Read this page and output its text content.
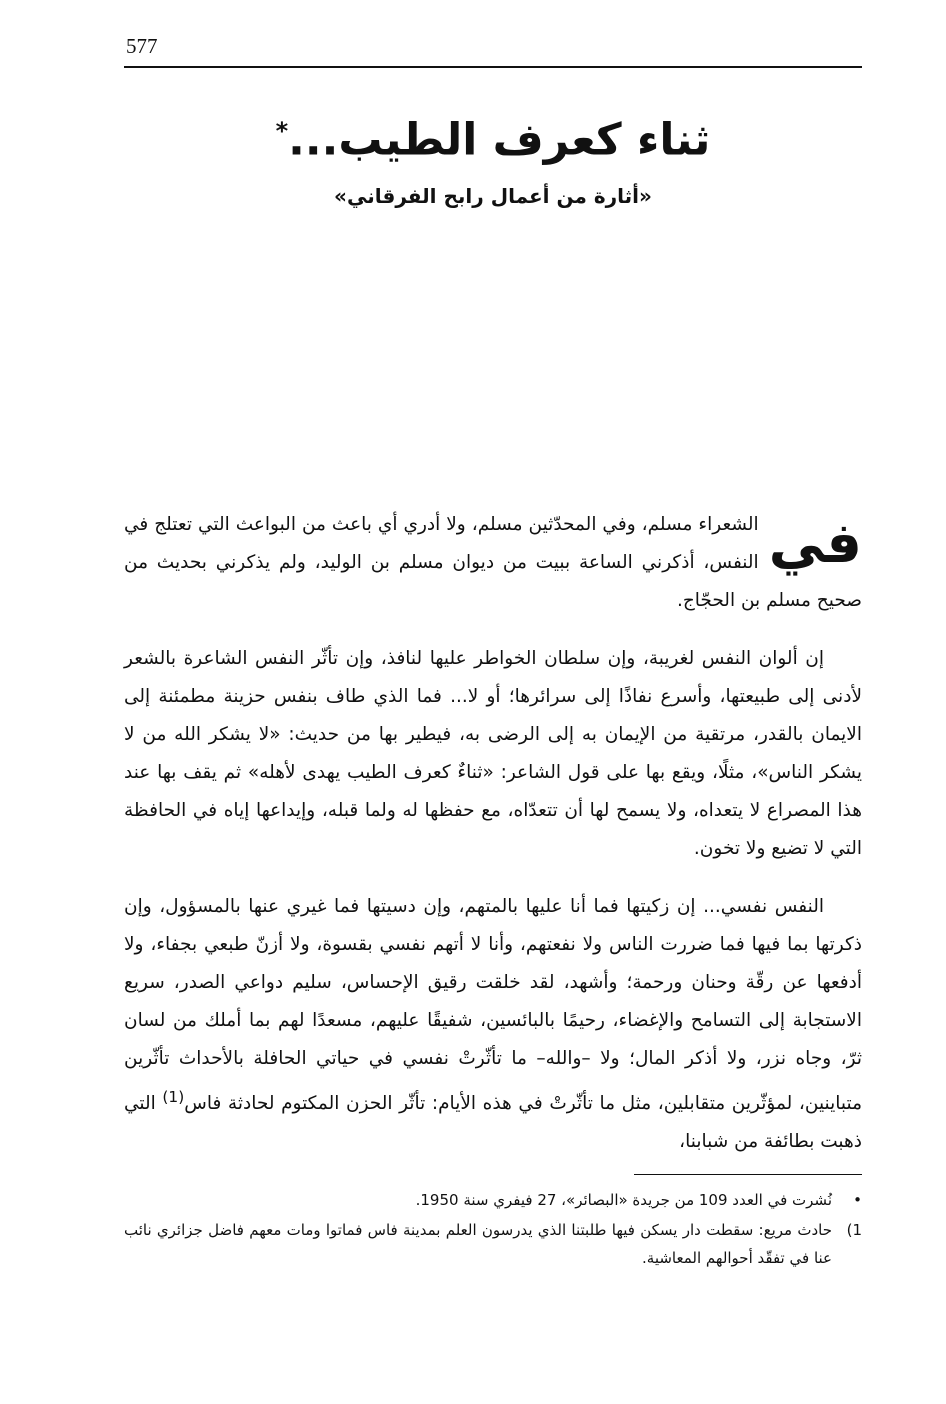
577
ثناء كعرف الطيب...*
«أثارة من أعمال رابح الفرقاني»

في
الشعراء مسلم، وفي المحدّثين مسلم، ولا أدري أي باعث من البواعث التي تعتلج في النفس، أذكرني الساعة ببيت من ديوان مسلم بن الوليد، ولم يذكرني بحديث من صحيح مسلم بن الحجّاج.

إن ألوان النفس لغريبة، وإن سلطان الخواطر عليها لنافذ، وإن تأثّر النفس الشاعرة بالشعر لأدنى إلى طبيعتها، وأسرع نفاذًا إلى سرائرها؛ أو لا... فما الذي طاف بنفس حزينة مطمئنة إلى الايمان بالقدر، مرتقية من الإيمان به إلى الرضى به، فيطير بها من حديث: «لا يشكر الله من لا يشكر الناس»، مثلًا، ويقع بها على قول الشاعر: «ثناءٌ كعرف الطيب يهدى لأهله» ثم يقف بها عند هذا المصراع لا يتعداه، ولا يسمح لها أن تتعدّاه، مع حفظها له ولما قبله، وإيداعها إياه في الحافظة التي لا تضيع ولا تخون.

النفس نفسي... إن زكيتها فما أنا عليها بالمتهم، وإن دسيتها فما غيري عنها بالمسؤول، وإن ذكرتها بما فيها فما ضررت الناس ولا نفعتهم، وأنا لا أتهم نفسي بقسوة، ولا أزنّ طبعي بجفاء، ولا أدفعها عن رقّة وحنان ورحمة؛ وأشهد، لقد خلقت رقيق الإحساس، سليم دواعي الصدر، سريع الاستجابة إلى التسامح والإغضاء، رحيمًا بالبائسين، شفيقًا عليهم، مسعدًا لهم بما أملك من لسان ثرّ، وجاه نزر، ولا أذكر المال؛ ولا –والله– ما تأثّرتْ نفسي في حياتي الحافلة بالأحداث تأثّرين متباينين، لمؤثّرين متقابلين، مثل ما تأثّرتْ في هذه الأيام: تأثّر الحزن المكتوم لحادثة فاس$^{(1)}$ التي ذهبت بطائفة من شبابنا،

•
نُشرت في العدد 109 من جريدة «البصائر»، 27 فيفري سنة 1950.
1)
حادث مريع: سقطت دار يسكن فيها طلبتنا الذي يدرسون العلم بمدينة فاس فماتوا ومات معهم فاضل جزائري نائب عنا في تفقّد أحوالهم المعاشية.
